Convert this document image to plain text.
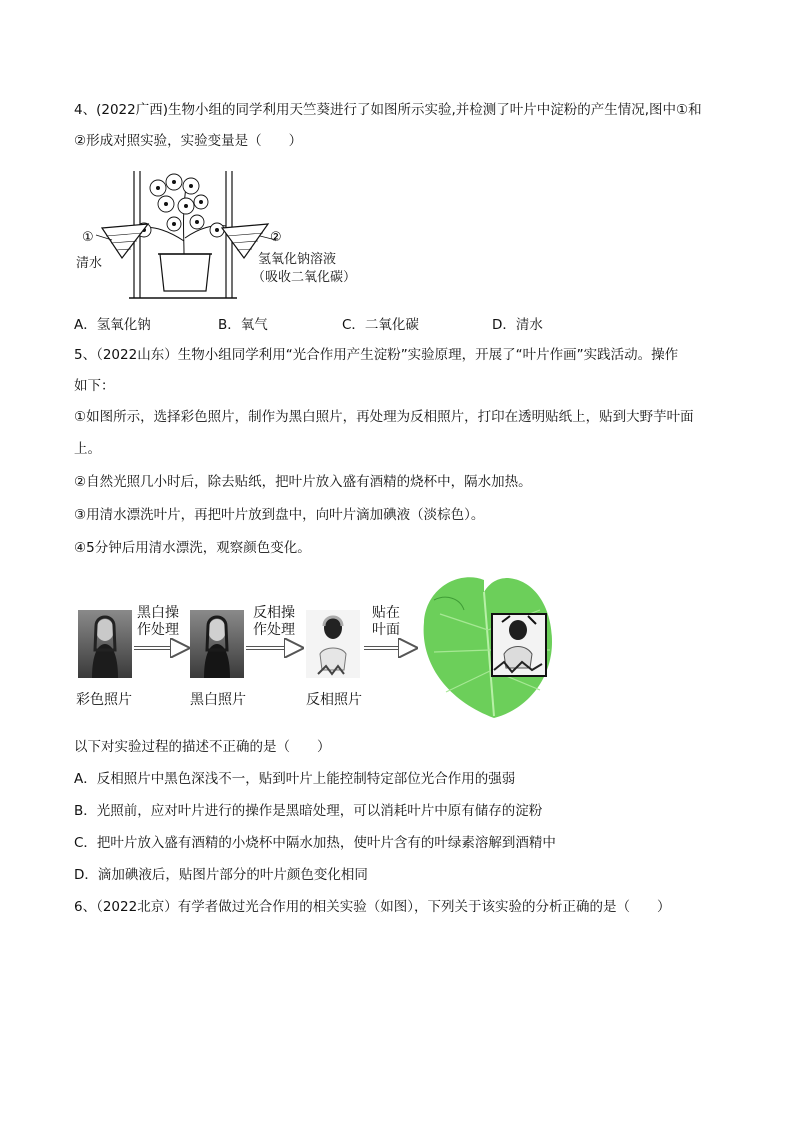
4、(2022广西)生物小组的同学利用天竺葵进行了如图所示实验,并检测了叶片中淀粉的产生情况,图中①和
②形成对照实验，实验变量是（　　）
①	②
清水	氢氧化钠溶液
（吸收二氧化碳）
A．氢氧化钠	B．氧气	C．二氧化碳	D．清水
5、（2022山东）生物小组同学利用“光合作用产生淀粉”实验原理，开展了“叶片作画”实践活动。操作
如下：
①如图所示，选择彩色照片，制作为黑白照片，再处理为反相照片，打印在透明贴纸上，贴到大野芋叶面
上。
②自然光照几小时后，除去贴纸，把叶片放入盛有酒精的烧杯中，隔水加热。
③用清水漂洗叶片，再把叶片放到盘中，向叶片滴加碘液（淡棕色）。
④5分钟后用清水漂洗，观察颜色变化。
黑白操
作处理
反相操
作处理
贴在
叶面
彩色照片	黑白照片	反相照片
以下对实验过程的描述不正确的是（　　）
A．反相照片中黑色深浅不一，贴到叶片上能控制特定部位光合作用的强弱
B．光照前，应对叶片进行的操作是黑暗处理，可以消耗叶片中原有储存的淀粉
C．把叶片放入盛有酒精的小烧杯中隔水加热，使叶片含有的叶绿素溶解到酒精中
D．滴加碘液后，贴图片部分的叶片颜色变化相同
6、（2022北京）有学者做过光合作用的相关实验（如图），下列关于该实验的分析正确的是（　　）
